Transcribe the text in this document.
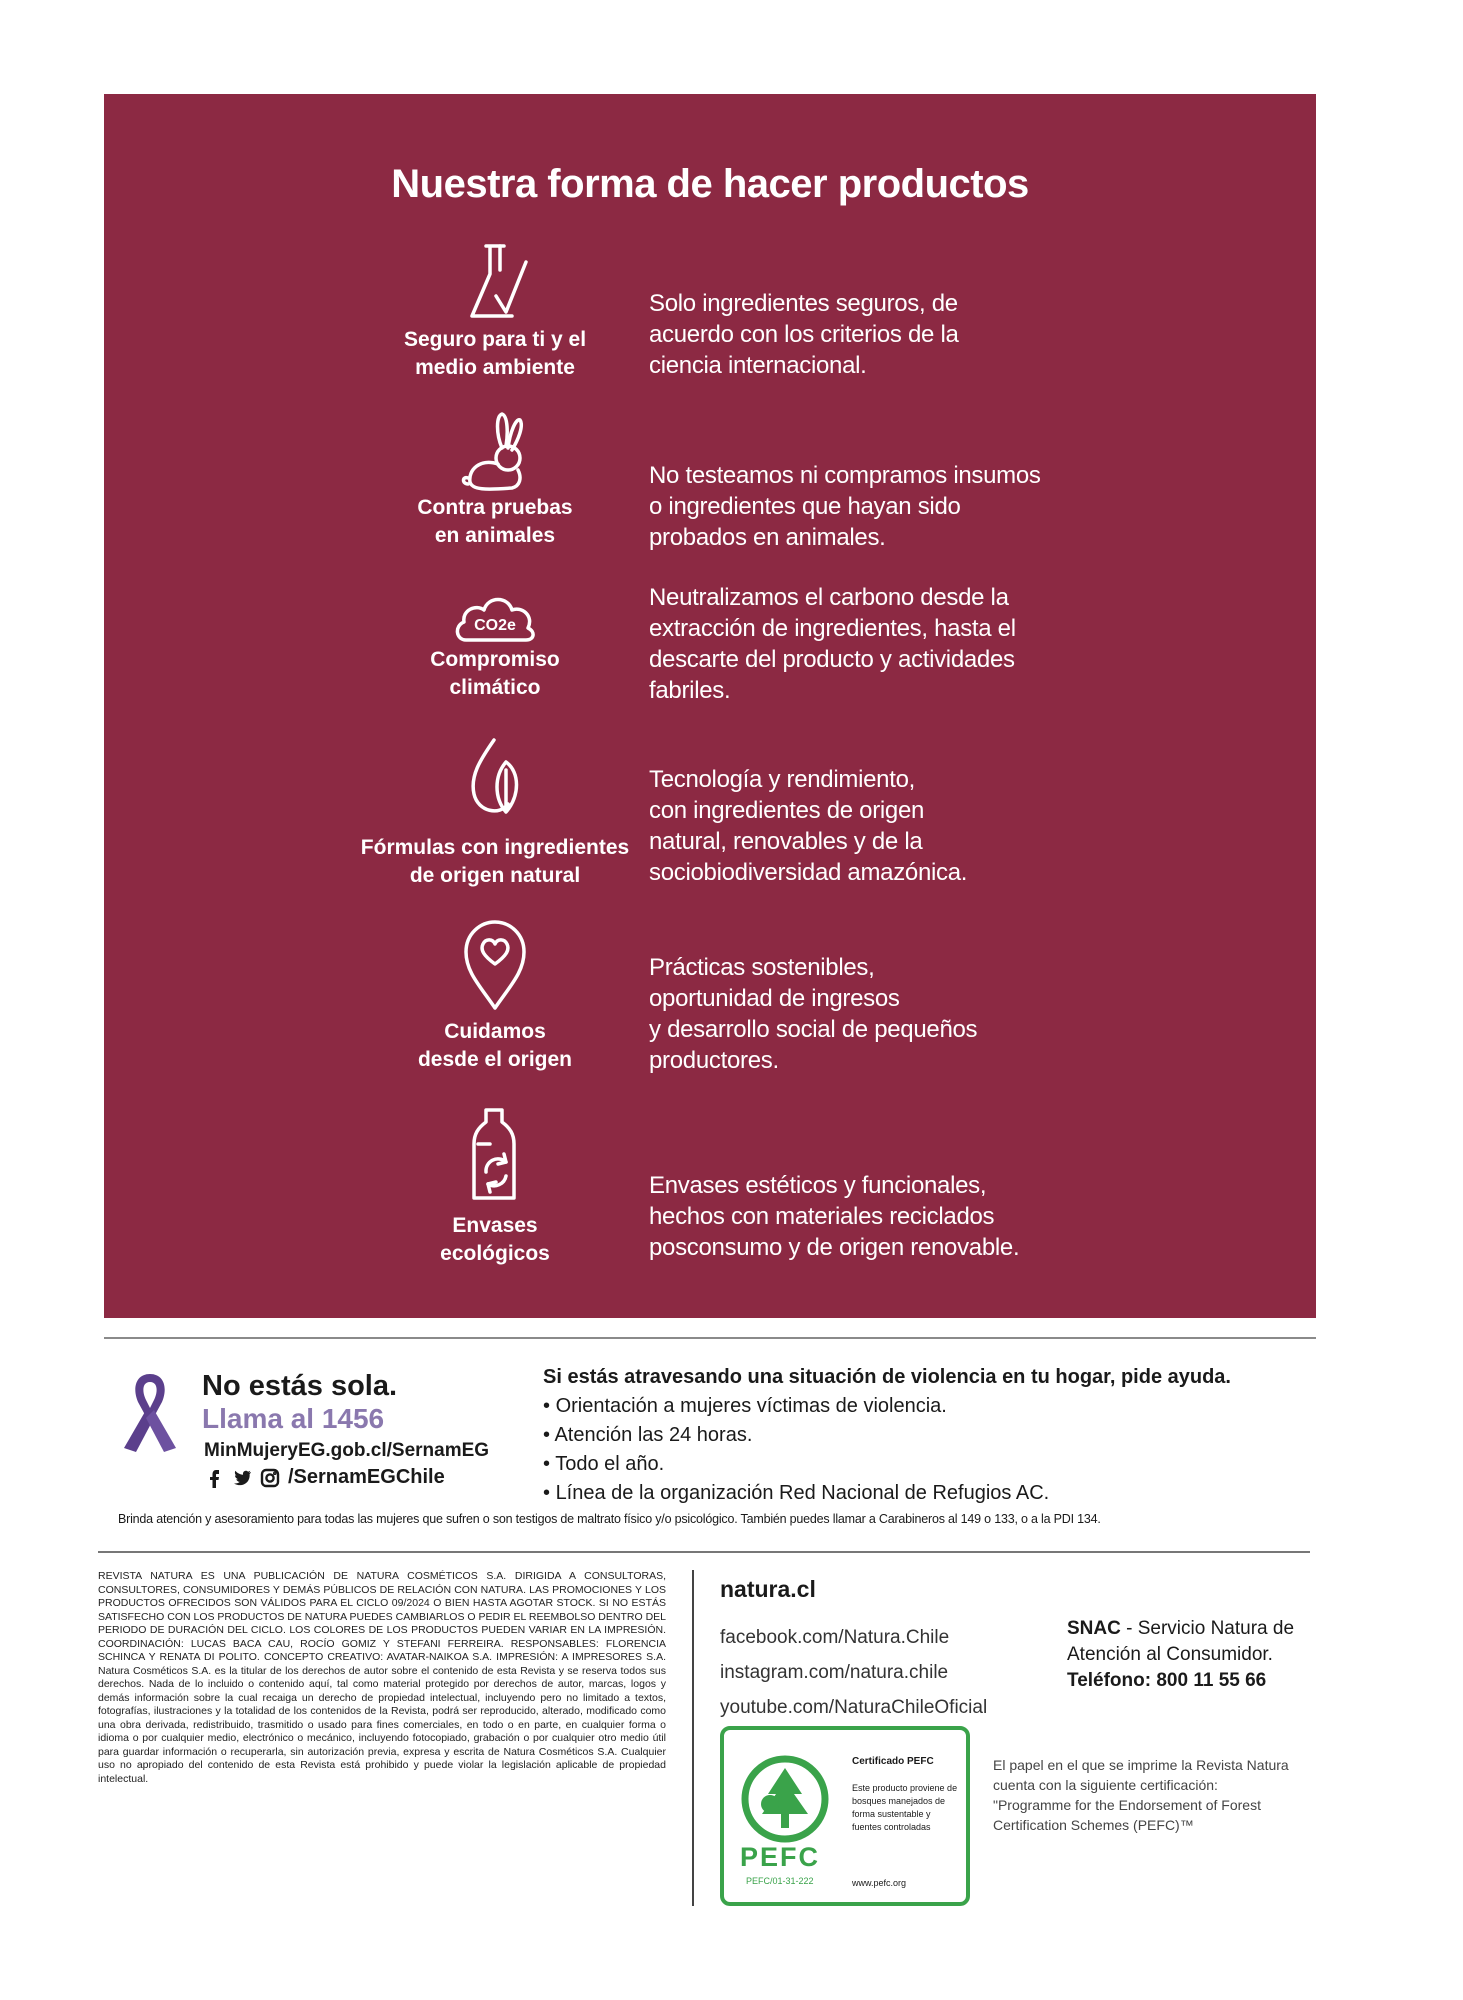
Nuestra forma de hacer productos
Seguro para ti y el
medio ambiente
Solo ingredientes seguros, de
acuerdo con los criterios de la
ciencia internacional.
Contra pruebas
en animales
No testeamos ni compramos insumos
o ingredientes que hayan sido
probados en animales.
CO2e
Compromiso
climático
Neutralizamos el carbono desde la
extracción de ingredientes, hasta el
descarte del producto y actividades
fabriles.
Fórmulas con ingredientes
de origen natural
Tecnología y rendimiento,
con ingredientes de origen
natural, renovables y de la
sociobiodiversidad amazónica.
Cuidamos
desde el origen
Prácticas sostenibles,
oportunidad de ingresos
y desarrollo social de pequeños
productores.
Envases
ecológicos
Envases estéticos y funcionales,
hechos con materiales reciclados
posconsumo y de origen renovable.
No estás sola.
Llama al 1456
MinMujeryEG.gob.cl/SernamEG
/SernamEGChile
Si estás atravesando una situación de violencia en tu hogar, pide ayuda.
• Orientación a mujeres víctimas de violencia.
• Atención las 24 horas.
• Todo el año.
• Línea de la organización Red Nacional de Refugios AC.
Brinda atención y asesoramiento para todas las mujeres que sufren o son testigos de maltrato físico y/o psicológico. También puedes llamar a Carabineros al 149 o 133, o a la PDI 134.
REVISTA NATURA ES UNA PUBLICACIÓN DE NATURA COSMÉTICOS S.A. DIRIGIDA A CONSULTORAS, CONSULTORES, CONSUMIDORES Y DEMÁS PÚBLICOS DE RELACIÓN CON NATURA. LAS PROMOCIONES Y LOS PRODUCTOS OFRECIDOS SON VÁLIDOS PARA EL CICLO 09/2024 O BIEN HASTA AGOTAR STOCK. SI NO ESTÁS SATISFECHO CON LOS PRODUCTOS DE NATURA PUEDES CAMBIARLOS O PEDIR EL REEMBOLSO DENTRO DEL PERIODO DE DURACIÓN DEL CICLO. LOS COLORES DE LOS PRODUCTOS PUEDEN VARIAR EN LA IMPRESIÓN. COORDINACIÓN: LUCAS BACA CAU, ROCÍO GOMIZ Y STEFANI FERREIRA. RESPONSABLES: FLORENCIA SCHINCA Y RENATA DI POLITO. CONCEPTO CREATIVO: AVATAR-NAIKOA S.A. IMPRESIÓN: A IMPRESORES S.A. Natura Cosméticos S.A. es la titular de los derechos de autor sobre el contenido de esta Revista y se reserva todos sus derechos. Nada de lo incluido o contenido aquí, tal como material protegido por derechos de autor, marcas, logos y demás información sobre la cual recaiga un derecho de propiedad intelectual, incluyendo pero no limitado a textos, fotografías, ilustraciones y la totalidad de los contenidos de la Revista, podrá ser reproducido, alterado, modificado como una obra derivada, redistribuido, trasmitido o usado para fines comerciales, en todo o en parte, en cualquier forma o idioma o por cualquier medio, electrónico o mecánico, incluyendo fotocopiado, grabación o por cualquier otro medio útil para guardar información o recuperarla, sin autorización previa, expresa y escrita de Natura Cosméticos S.A. Cualquier uso no apropiado del contenido de esta Revista está prohibido y puede violar la legislación aplicable de propiedad intelectual.
natura.cl
facebook.com/Natura.Chile
instagram.com/natura.chile
youtube.com/NaturaChileOficial
SNAC - Servicio Natura de Atención al Consumidor.
Teléfono: 800 11 55 66
PEFC
PEFC/01-31-222
Certificado PEFC
Este producto proviene de bosques manejados de forma sustentable y fuentes controladas
www.pefc.org
El papel en el que se imprime la Revista Natura cuenta con la siguiente certificación: "Programme for the Endorsement of Forest Certification Schemes (PEFC)™
